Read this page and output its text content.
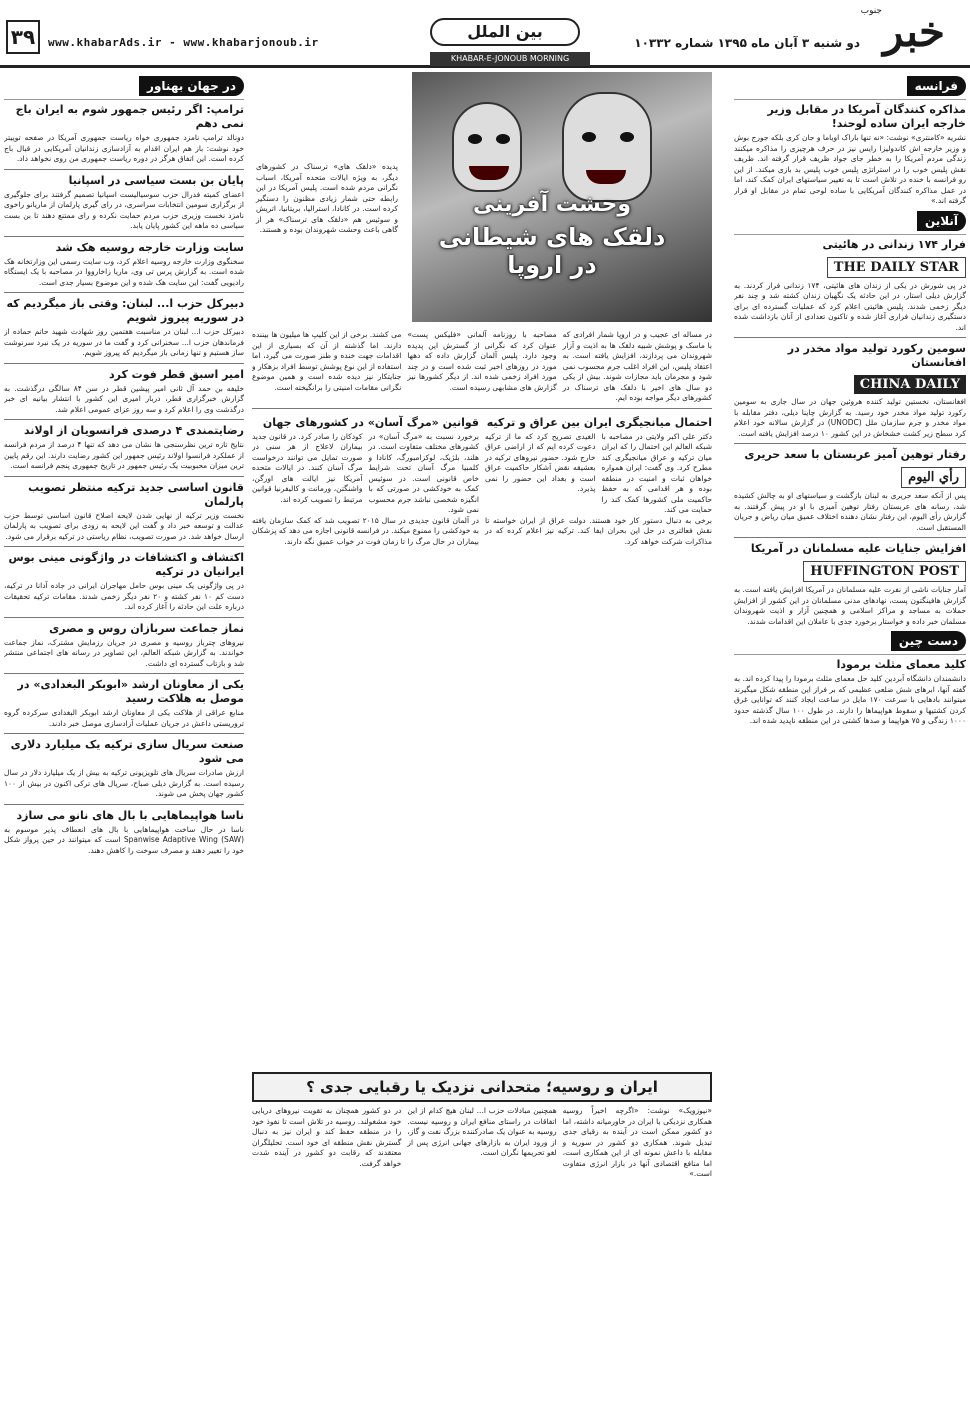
۳۹	www.khabarAds.ir - www.khabarjonoub.ir
بین الملل
KHABAR-E-JONOUB MORNING
دو شنبه ۳ آبان ماه ۱۳۹۵ شماره ۱۰۳۳۲ خبر
جنوب
فرانسه
مذاکره کنندگان آمریکا در مقابل وزیر خارجه ایران ساده لوحند!
نشریه «کامنتری» نوشت: «نه تنها باراک اوباما و جان کری بلکه جورج بوش و وزیر خارجه اش کاندولیزا رایس نیز در حرف هرچیزی را مذاکره میکنند زندگی مردم آمریکا را به خطر جای جواد ظریف قرار گرفته اند. ظریف نقش پلیس خوب را در استراتژی پلیس خوب پلیس بد بازی میکند. از این رو فرانسه با خنده در تلاش است تا به تغییر سیاستهای ایران کمک کند، اما در عمل مذاکره کنندگان آمریکایی با ساده لوحی تمام در مقابل او قرار گرفته اند.»
آنلاین
فرار ۱۷۴ زندانی در هائیتی
THE DAILY STAR
در پی شورش در یکی از زندان های هائیتی، ۱۷۴ زندانی فرار کردند. به گزارش دیلی استار، در این حادثه یک نگهبان زندان کشته شد و چند نفر دیگر زخمی شدند. پلیس هائیتی اعلام کرد که عملیات گسترده ای برای دستگیری زندانیان فراری آغاز شده و تاکنون تعدادی از آنان بازداشت شده اند.
سومین رکورد تولید مواد مخدر در افغانستان
CHINA DAILY
افغانستان، نخستین تولید کننده هروئین جهان در سال جاری به سومین رکورد تولید مواد مخدر خود رسید. به گزارش چاینا دیلی، دفتر مقابله با مواد مخدر و جرم سازمان ملل (UNODC) در گزارش سالانه خود اعلام کرد سطح زیر کشت خشخاش در این کشور ۱۰ درصد افزایش یافته است.
رفتار توهین آمیز عربستان با سعد حریری
رأي اليوم
پس از آنکه سعد حریری به لبنان بازگشت و سیاستهای او به چالش کشیده شد، رسانه های عربستان رفتار توهین آمیزی با او در پیش گرفتند. به گزارش رأی الیوم، این رفتار نشان دهنده اختلاف عمیق میان ریاض و جریان المستقبل است.
افزایش جنایات علیه مسلمانان در آمریکا
HUFFINGTON POST
آمار جنایات ناشی از نفرت علیه مسلمانان در آمریکا افزایش یافته است. به گزارش هافینگتون پست، نهادهای مدنی مسلمانان در این کشور از افزایش حملات به مساجد و مراکز اسلامی و همچنین آزار و اذیت شهروندان مسلمان خبر داده و خواستار برخورد جدی با عاملان این اقدامات شدند.
دست چین
کلید معمای مثلث برمودا
دانشمندان دانشگاه آبردین کلید حل معمای مثلث برمودا را پیدا کرده اند. به گفته آنها، ابرهای شش ضلعی عظیمی که بر فراز این منطقه شکل میگیرند میتوانند بادهایی با سرعت ۱۷۰ مایل در ساعت ایجاد کنند که توانایی غرق کردن کشتیها و سقوط هواپیماها را دارند. در طول ۱۰۰ سال گذشته حدود ۱۰۰۰ زندگی و ۷۵ هواپیما و صدها کشتی در این منطقه ناپدید شده اند.
وحشت آفرینی
دلقک های شیطانی در اروپا
پدیده «دلقک های» ترسناک در کشورهای دیگر، به ویژه ایالات متحده آمریکا، اسباب نگرانی مردم شده است. پلیس آمریکا در این رابطه حتی شمار زیادی مظنون را دستگیر کرده است. در کانادا، استرالیا، بریتانیا، اتریش و سوئیس هم «دلقک های ترسناک» هر از گاهی باعث وحشت شهروندان بوده و هستند.
در مساله ای عجیب و در اروپا شمار افرادی که با ماسک و پوشش شبیه دلقک ها به اذیت و آزار شهروندان می پردازند، افزایش یافته است. به اعتقاد پلیس، این افراد اغلب جرم محسوب نمی شود و مجرمان باید مجازات شوند. بیش از یکی دو سال های اخیر با دلقک های ترسناک در کشورهای دیگر مواجه بوده ایم.
مصاحبه با روزنامه آلمانی «فلیکس پست» عنوان کرد که نگرانی از گسترش این پدیده وجود دارد. پلیس آلمان گزارش داده که دهها مورد در روزهای اخیر ثبت شده است و در چند مورد افراد زخمی شده اند. از دیگر کشورها نیز گزارش های مشابهی رسیده است.
می کشند. برخی از این کلیپ ها میلیون ها بیننده دارند. اما گذشته از آن که بسیاری از این اقدامات جهت خنده و طنز صورت می گیرد، اما استفاده از این نوع پوشش توسط افراد بزهکار و جنایتکار نیز دیده شده است و همین موضوع نگرانی مقامات امنیتی را برانگیخته است.
احتمال میانجیگری ایران بین عراق و ترکیه
دکتر علی اکبر ولایتی در مصاحبه با شبکه العالم این احتمال را که ایران میان ترکیه و عراق میانجیگری کند مطرح کرد. وی گفت: ایران همواره خواهان ثبات و امنیت در منطقه بوده و هر اقدامی که به حفظ حاکمیت ملی کشورها کمک کند را حمایت می کند.
الغیدی تصریح کرد که ما از ترکیه دعوت کرده ایم که از اراضی عراق خارج شود. حضور نیروهای ترکیه در بعشیقه نقض آشکار حاکمیت عراق است و بغداد این حضور را نمی پذیرد.
برخی به دنبال دستور کار خود هستند. دولت عراق از ایران خواسته تا نقش فعالتری در حل این بحران ایفا کند. ترکیه نیز اعلام کرده که در مذاکرات شرکت خواهد کرد.
قوانین «مرگ آسان» در کشورهای جهان
برخورد نسبت به «مرگ آسان» در کشورهای مختلف متفاوت است. در هلند، بلژیک، لوکزامبورگ، کانادا و کلمبیا مرگ آسان تحت شرایط خاص قانونی است. در سوئیس کمک به خودکشی در صورتی که با انگیزه شخصی نباشد جرم محسوب نمی شود.
کودکان را صادر کرد. در قانون جدید بیماران لاعلاج از هر سنی در صورت تمایل می توانند درخواست مرگ آسان کنند. در ایالات متحده آمریکا نیز ایالت های اورگن، واشنگتن، ورمانت و کالیفرنیا قوانین مرتبط را تصویب کرده اند.
در آلمان قانون جدیدی در سال ۲۰۱۵ تصویب شد که کمک سازمان یافته به خودکشی را ممنوع میکند. در فرانسه قانونی اجازه می دهد که پزشکان بیماران در حال مرگ را تا زمان فوت در خواب عمیق نگه دارند.
ایران و روسیه؛ متحدانی نزدیک یا رقبایی جدی ؟
«نیوزویک» نوشت: «اگرچه اخیراً روسیه همکاری نزدیکی با ایران در خاورمیانه داشته، اما دو کشور ممکن است در آینده به رقبای جدی تبدیل شوند. همکاری دو کشور در سوریه و مقابله با داعش نمونه ای از این همکاری است، اما منافع اقتصادی آنها در بازار انرژی متفاوت است.»
همچنین مبادلات حزب ا... لبنان هیچ کدام از این اتفاقات در راستای منافع ایران و روسیه نیست. روسیه به عنوان یک صادرکننده بزرگ نفت و گاز، از ورود ایران به بازارهای جهانی انرژی پس از لغو تحریمها نگران است.
در دو کشور همچنان به تقویت نیروهای دریایی خود مشغولند. روسیه در تلاش است تا نفوذ خود را در منطقه حفظ کند و ایران نیز به دنبال گسترش نقش منطقه ای خود است. تحلیلگران معتقدند که رقابت دو کشور در آینده شدت خواهد گرفت.
در جهان بهناور
ترامپ: اگر رئیس جمهور شوم به ایران باج نمی دهم
دونالد ترامپ نامزد جمهوری خواه ریاست جمهوری آمریکا در صفحه توییتر خود نوشت: باز هم ایران اقدام به آزادسازی زندانیان آمریکایی در قبال باج کرده است. این اتفاق هرگز در دوره ریاست جمهوری من روی نخواهد داد.
پایان بن بست سیاسی در اسپانیا
اعضای کمیته فدرال حزب سوسیالیست اسپانیا تصمیم گرفتند برای جلوگیری از برگزاری سومین انتخابات سراسری، در رای گیری پارلمان از ماریانو راخوی نامزد نخست وزیری حزب مردم حمایت نکرده و رای ممتنع دهند تا بن بست سیاسی ده ماهه این کشور پایان یابد.
سایت وزارت خارجه روسیه هک شد
سخنگوی وزارت خارجه روسیه اعلام کرد، وب سایت رسمی این وزارتخانه هک شده است. به گزارش پرس تی وی، ماریا زاخارووا در مصاحبه با یک ایستگاه رادیویی گفت: این سایت هک شده و این موضوع بسیار جدی است.
دبیرکل حزب ا... لبنان: وقتی باز میگردیم که در سوریه پیروز شویم
دبیرکل حزب ا... لبنان در مناسبت هفتمین روز شهادت شهید حاتم حماده از فرماندهان حزب ا... سخنرانی کرد و گفت ما در سوریه در یک نبرد سرنوشت ساز هستیم و تنها زمانی باز میگردیم که پیروز شویم.
امیر اسبق قطر فوت کرد
خلیفه بن حمد آل ثانی امیر پیشین قطر در سن ۸۴ سالگی درگذشت. به گزارش خبرگزاری قطر، دربار امیری این کشور با انتشار بیانیه ای خبر درگذشت وی را اعلام کرد و سه روز عزای عمومی اعلام شد.
رضایتمندی ۴ درصدی فرانسویان از اولاند
نتایج تازه ترین نظرسنجی ها نشان می دهد که تنها ۴ درصد از مردم فرانسه از عملکرد فرانسوا اولاند رئیس جمهور این کشور رضایت دارند. این رقم پایین ترین میزان محبوبیت یک رئیس جمهور در تاریخ جمهوری پنجم فرانسه است.
قانون اساسی جدید ترکیه منتظر تصویب پارلمان
نخست وزیر ترکیه از نهایی شدن لایحه اصلاح قانون اساسی توسط حزب عدالت و توسعه خبر داد و گفت این لایحه به زودی برای تصویب به پارلمان ارسال خواهد شد. در صورت تصویب، نظام ریاستی در ترکیه برقرار می شود.
اکتشاف و اکتشافات در واژگونی مینی بوس ایرانیان در ترکیه
در پی واژگونی یک مینی بوس حامل مهاجران ایرانی در جاده آدانا در ترکیه، دست کم ۱۰ نفر کشته و ۲۰ نفر دیگر زخمی شدند. مقامات ترکیه تحقیقات درباره علت این حادثه را آغاز کرده اند.
نماز جماعت سربازان روس و مصری
نیروهای چترباز روسیه و مصری در جریان رزمایش مشترک، نماز جماعت خواندند. به گزارش شبکه العالم، این تصاویر در رسانه های اجتماعی منتشر شد و بازتاب گسترده ای داشت.
یکی از معاونان ارشد «ابوبکر البغدادی» در موصل به هلاکت رسید
منابع عراقی از هلاکت یکی از معاونان ارشد ابوبکر البغدادی سرکرده گروه تروریستی داعش در جریان عملیات آزادسازی موصل خبر دادند.
صنعت سریال سازی ترکیه یک میلیارد دلاری می شود
ارزش صادرات سریال های تلویزیونی ترکیه به بیش از یک میلیارد دلار در سال رسیده است. به گزارش دیلی صباح، سریال های ترکی اکنون در بیش از ۱۰۰ کشور جهان پخش می شوند.
ناسا هواپیماهایی با بال های نانو می سازد
ناسا در حال ساخت هواپیماهایی با بال های انعطاف پذیر موسوم به Spanwise Adaptive Wing (SAW) است که میتوانند در حین پرواز شکل خود را تغییر دهند و مصرف سوخت را کاهش دهند.
